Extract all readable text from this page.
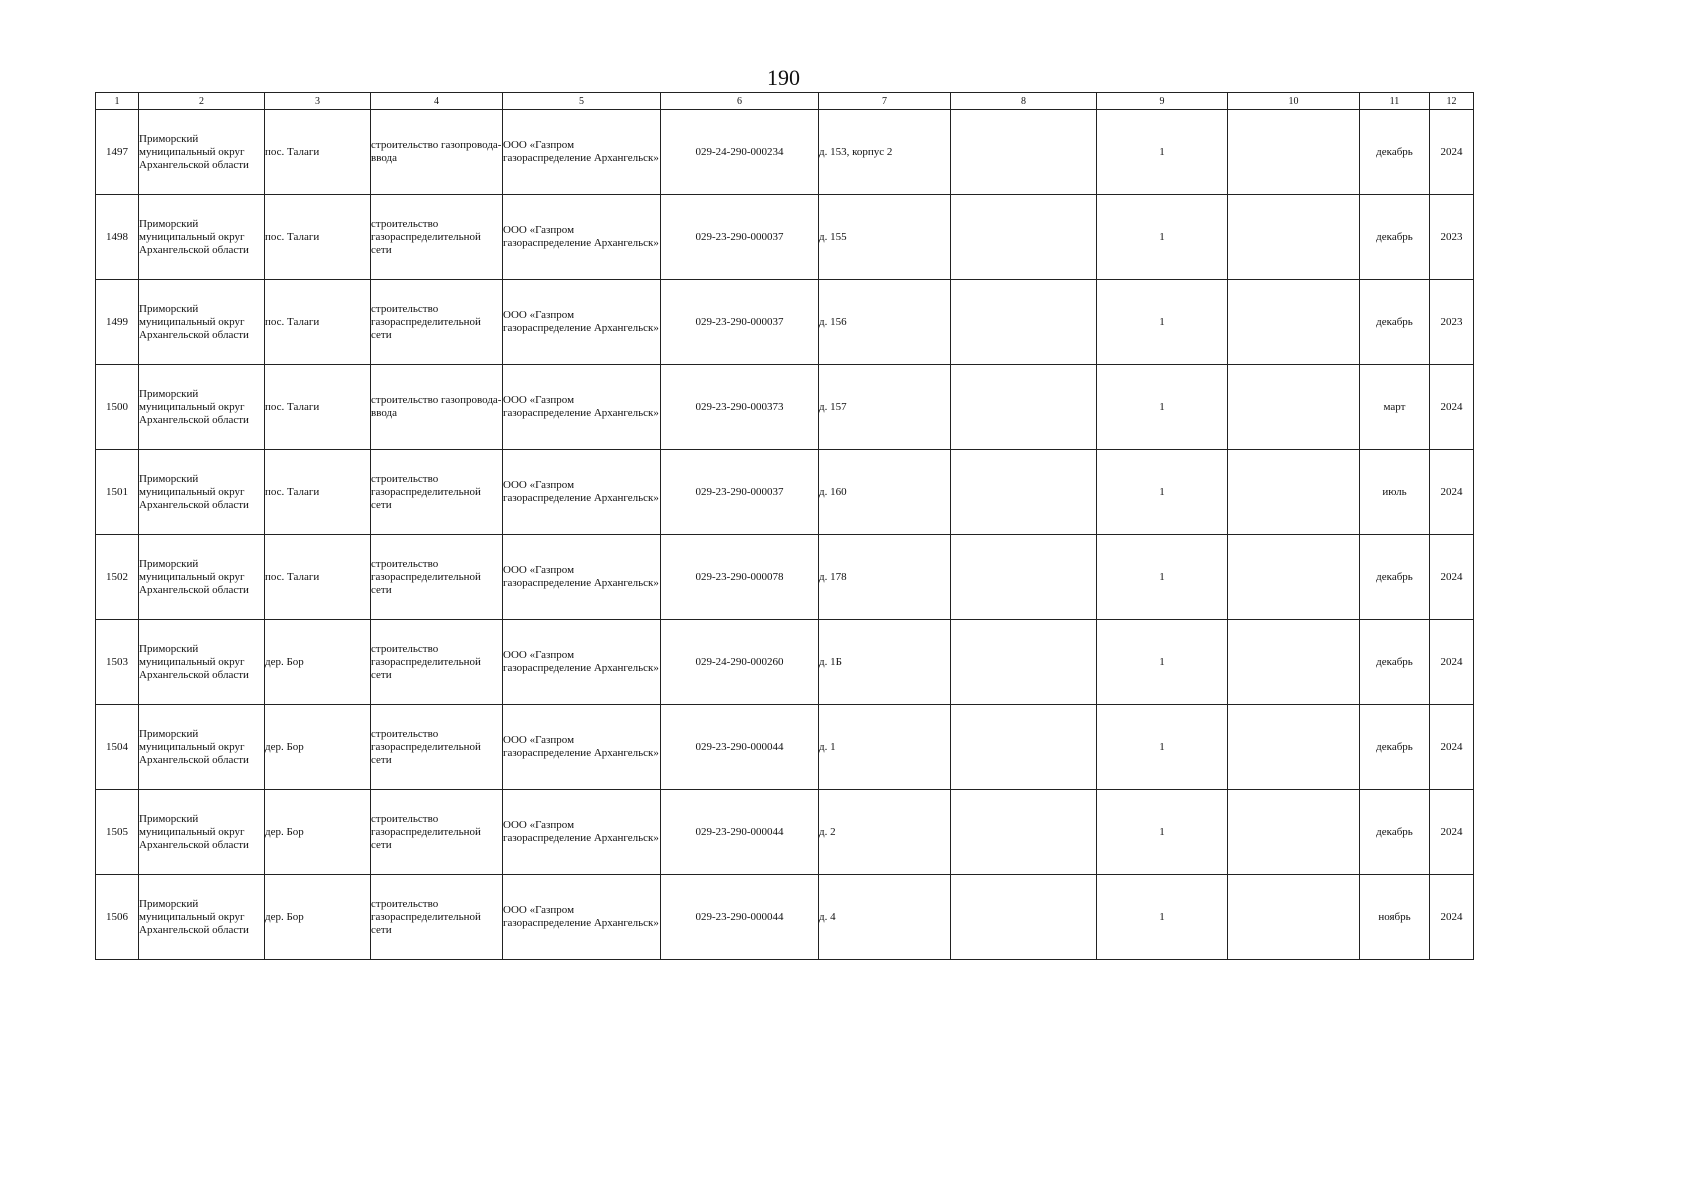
190
1	2	3	4	5	6	7	8	9	10	11	12
1497	Приморский муниципальный округ Архангельской области	пос. Талаги	строительство газопровода-ввода	ООО «Газпром газораспределение Архангельск»	029-24-290-000234	д. 153, корпус 2		1		декабрь	2024
1498	Приморский муниципальный округ Архангельской области	пос. Талаги	строительство газораспределительной сети	ООО «Газпром газораспределение Архангельск»	029-23-290-000037	д. 155		1		декабрь	2023
1499	Приморский муниципальный округ Архангельской области	пос. Талаги	строительство газораспределительной сети	ООО «Газпром газораспределение Архангельск»	029-23-290-000037	д. 156		1		декабрь	2023
1500	Приморский муниципальный округ Архангельской области	пос. Талаги	строительство газопровода-ввода	ООО «Газпром газораспределение Архангельск»	029-23-290-000373	д. 157		1		март	2024
1501	Приморский муниципальный округ Архангельской области	пос. Талаги	строительство газораспределительной сети	ООО «Газпром газораспределение Архангельск»	029-23-290-000037	д. 160		1		июль	2024
1502	Приморский муниципальный округ Архангельской области	пос. Талаги	строительство газораспределительной сети	ООО «Газпром газораспределение Архангельск»	029-23-290-000078	д. 178		1		декабрь	2024
1503	Приморский муниципальный округ Архангельской области	дер. Бор	строительство газораспределительной сети	ООО «Газпром газораспределение Архангельск»	029-24-290-000260	д. 1Б		1		декабрь	2024
1504	Приморский муниципальный округ Архангельской области	дер. Бор	строительство газораспределительной сети	ООО «Газпром газораспределение Архангельск»	029-23-290-000044	д. 1		1		декабрь	2024
1505	Приморский муниципальный округ Архангельской области	дер. Бор	строительство газораспределительной сети	ООО «Газпром газораспределение Архангельск»	029-23-290-000044	д. 2		1		декабрь	2024
1506	Приморский муниципальный округ Архангельской области	дер. Бор	строительство газораспределительной сети	ООО «Газпром газораспределение Архангельск»	029-23-290-000044	д. 4		1		ноябрь	2024
